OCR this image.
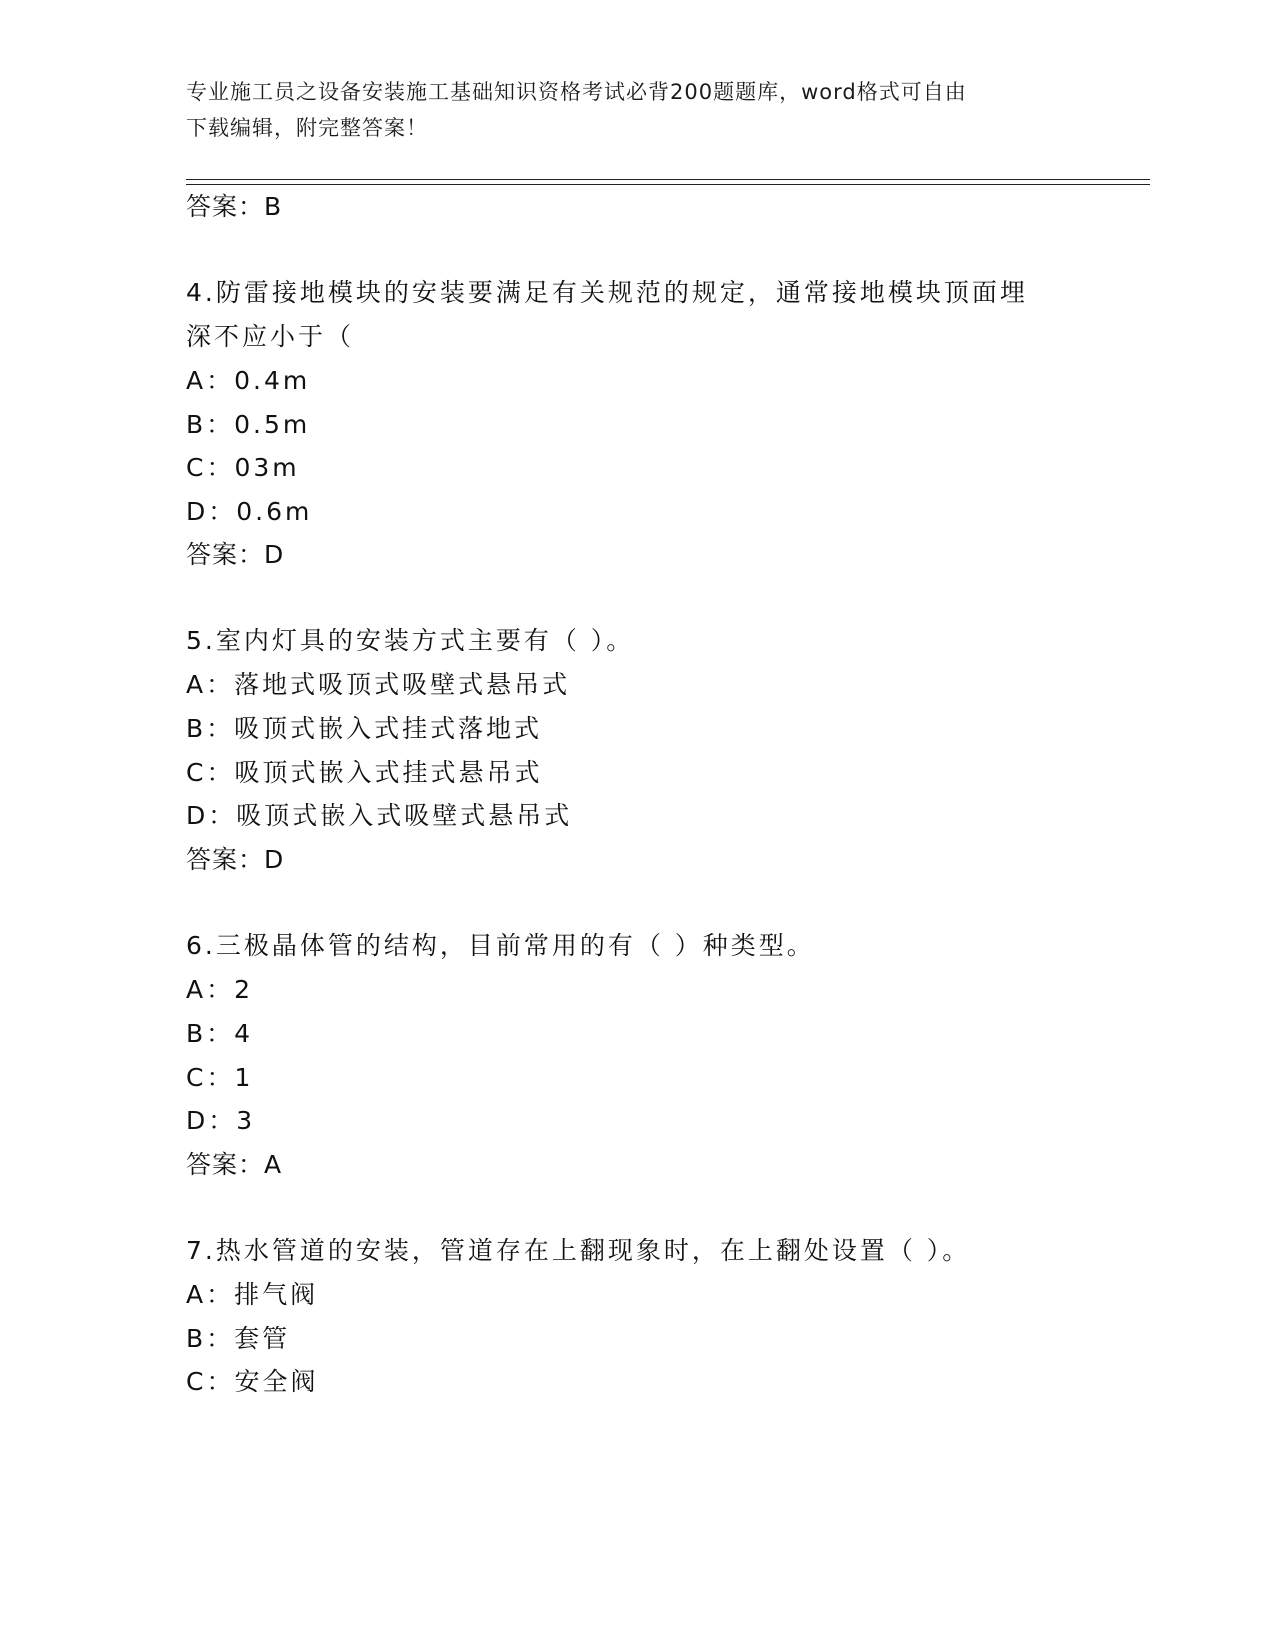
专业施工员之设备安装施工基础知识资格考试必背200题题库，word格式可自由
下载编辑，附完整答案！
答案：B
4.防雷接地模块的安装要满足有关规范的规定，通常接地模块顶面埋
深不应小于（
A：0.4m
B：0.5m
C：03m
D：0.6m
答案：D
5.室内灯具的安装方式主要有（ ）。
A：落地式吸顶式吸壁式悬吊式
B：吸顶式嵌入式挂式落地式
C：吸顶式嵌入式挂式悬吊式
D：吸顶式嵌入式吸壁式悬吊式
答案：D
6.三极晶体管的结构，目前常用的有（ ）种类型。
A：2
B：4
C：1
D：3
答案：A
7.热水管道的安装，管道存在上翻现象时，在上翻处设置（ ）。
A：排气阀
B：套管
C：安全阀
